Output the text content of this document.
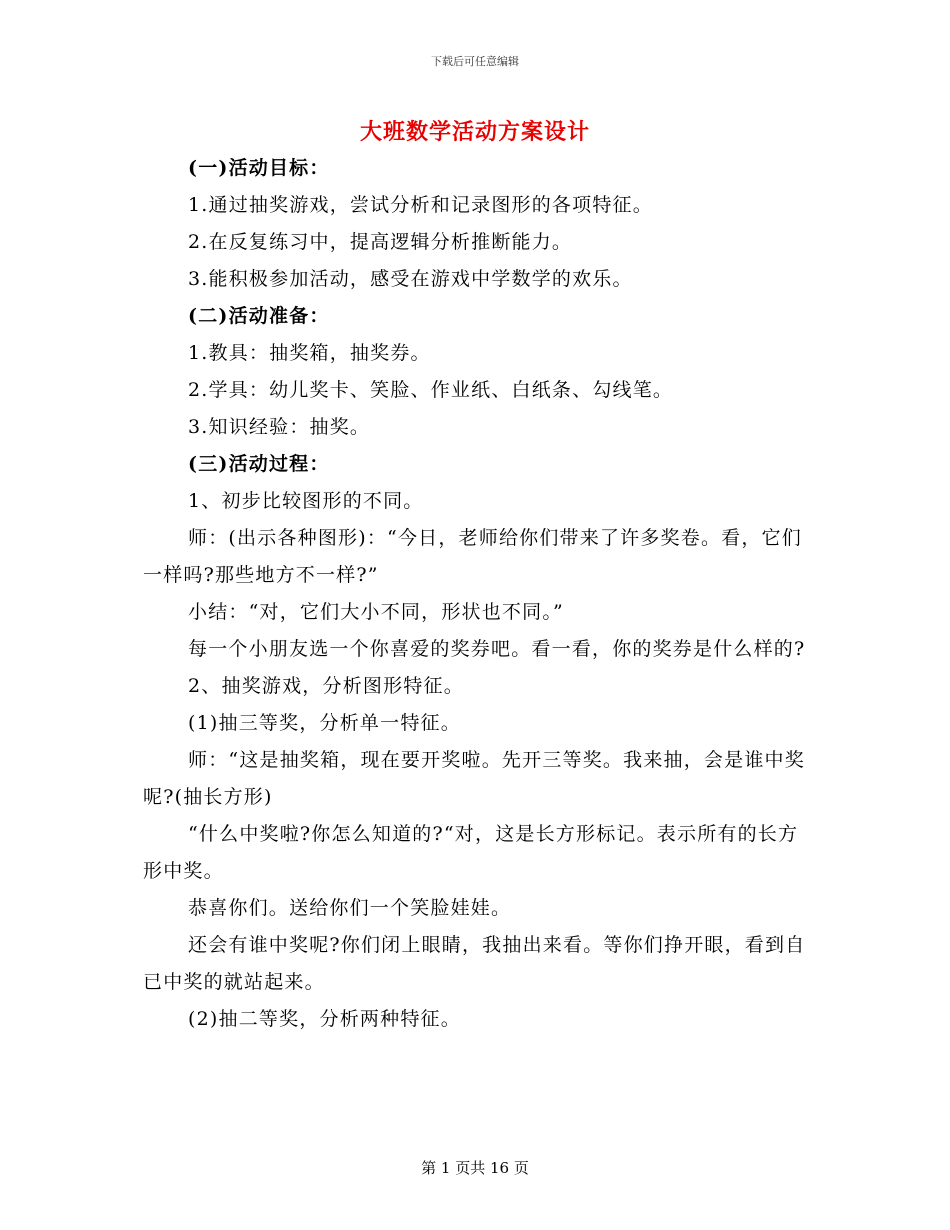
下载后可任意编辑
大班数学活动方案设计

(一)活动目标：

1.通过抽奖游戏，尝试分析和记录图形的各项特征。

2.在反复练习中，提高逻辑分析推断能力。

3.能积极参加活动，感受在游戏中学数学的欢乐。

(二)活动准备：

1.教具：抽奖箱，抽奖券。

2.学具：幼儿奖卡、笑脸、作业纸、白纸条、勾线笔。

3.知识经验：抽奖。

(三)活动过程：

1、初步比较图形的不同。

师：(出示各种图形)：“今日，老师给你们带来了许多奖卷。看，它们一样吗?那些地方不一样?”

小结：“对，它们大小不同，形状也不同。”

每一个小朋友选一个你喜爱的奖券吧。看一看，你的奖券是什么样的?

2、抽奖游戏，分析图形特征。

(1)抽三等奖，分析单一特征。

师：“这是抽奖箱，现在要开奖啦。先开三等奖。我来抽，会是谁中奖呢?(抽长方形)

“什么中奖啦?你怎么知道的?“对，这是长方形标记。表示所有的长方形中奖。

恭喜你们。送给你们一个笑脸娃娃。

还会有谁中奖呢?你们闭上眼睛，我抽出来看。等你们挣开眼，看到自已中奖的就站起来。

(2)抽二等奖，分析两种特征。

第 1 页共 16 页
